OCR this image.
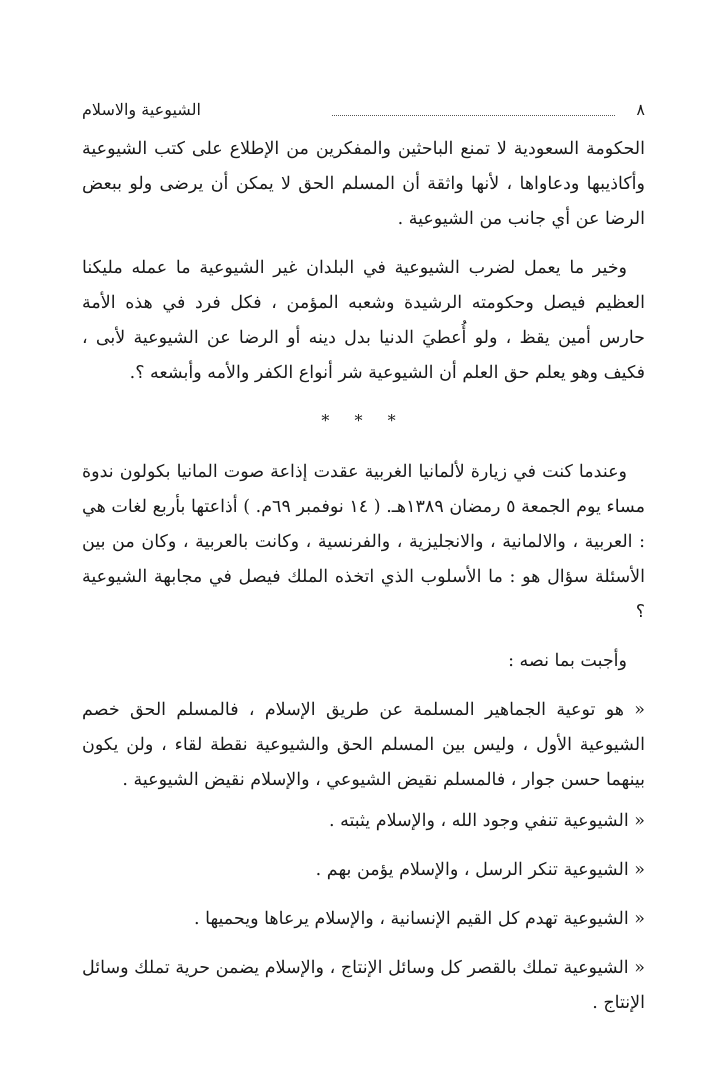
٨
الشيوعية والاسلام

الحكومة السعودية لا تمنع الباحثين والمفكرين من الإطلاع على كتب الشيوعية وأكاذيبها ودعاواها ، لأنها واثقة أن المسلم الحق لا يمكن أن يرضى ولو ببعض الرضا عن أي جانب من الشيوعية .

وخير ما يعمل لضرب الشيوعية في البلدان غير الشيوعية ما عمله مليكنا العظيم فيصل وحكومته الرشيدة وشعبه المؤمن ، فكل فرد في هذه الأمة حارس أمين يقظ ، ولو أُعطيَ الدنيا بدل دينه أو الرضا عن الشيوعية لأبى ، فكيف وهو يعلم حق العلم أن الشيوعية شر أنواع الكفر والأمه وأبشعه ؟.

* * *

وعندما كنت في زيارة لألمانيا الغربية عقدت إذاعة صوت المانيا بكولون ندوة مساء يوم الجمعة ٥ رمضان ١٣٨٩هـ. ( ١٤ نوفمبر ٦٩م. ) أذاعتها بأربع لغات هي : العربية ، والالمانية ، والانجليزية ، والفرنسية ، وكانت بالعربية ، وكان من بين الأسئلة سؤال هو : ما الأسلوب الذي اتخذه الملك فيصل في مجابهة الشيوعية ؟

وأجبت بما نصه :

« هو توعية الجماهير المسلمة عن طريق الإسلام ، فالمسلم الحق خصم الشيوعية الأول ، وليس بين المسلم الحق والشيوعية نقطة لقاء ، ولن يكون بينهما حسن جوار ، فالمسلم نقيض الشيوعي ، والإسلام نقيض الشيوعية .

« الشيوعية تنفي وجود الله ، والإسلام يثبته .

« الشيوعية تنكر الرسل ، والإسلام يؤمن بهم .

« الشيوعية تهدم كل القيم الإنسانية ، والإسلام يرعاها ويحميها .

« الشيوعية تملك بالقصر كل وسائل الإنتاج ، والإسلام يضمن حرية تملك وسائل الإنتاج .
